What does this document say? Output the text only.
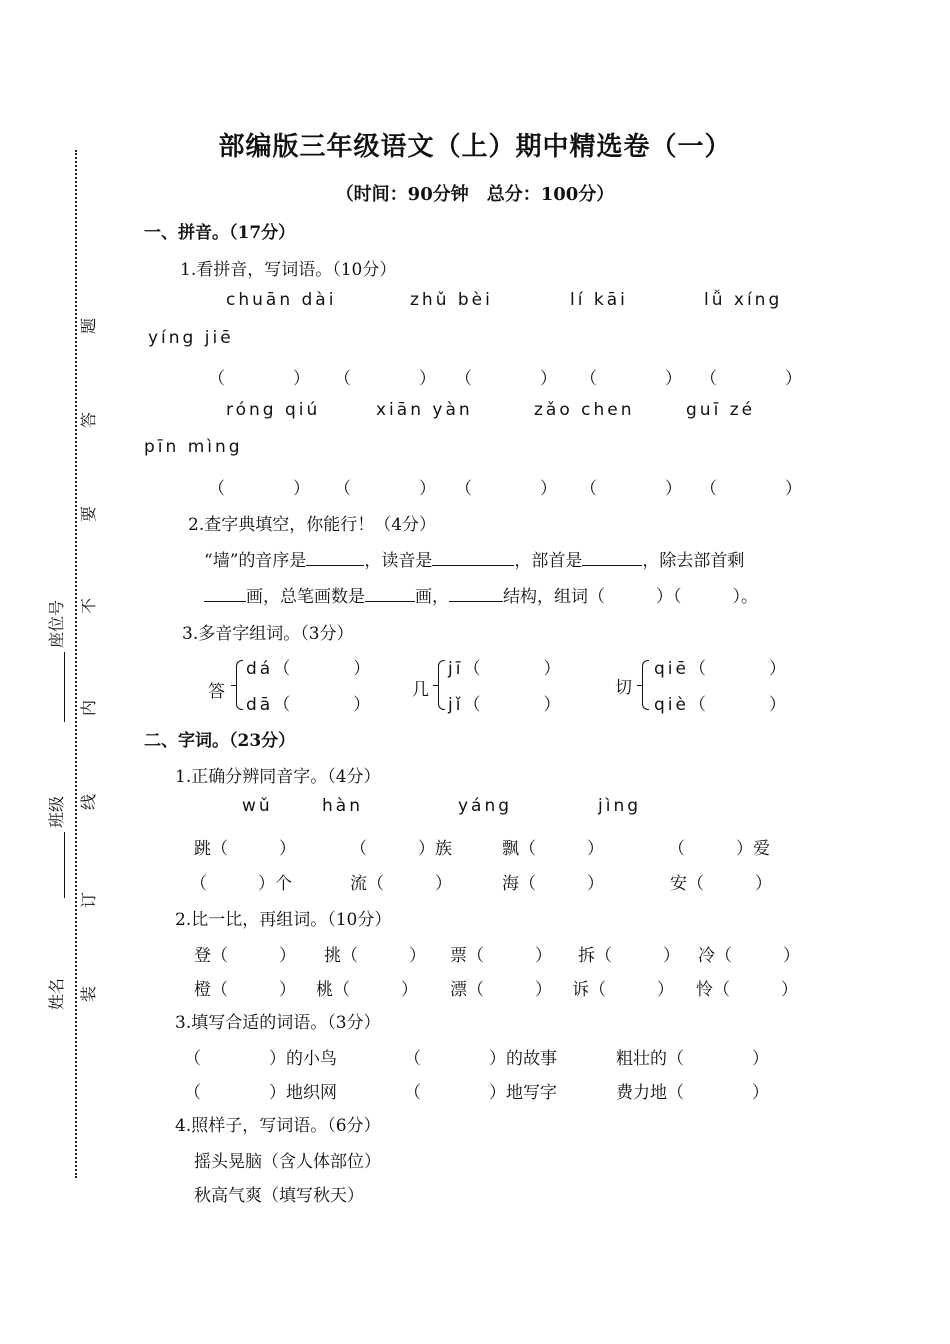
题
答
要
不
内
线
订
装
座位号
班级
姓名
部编版三年级语文（上）期中精选卷（一）
（时间：90分钟　总分：100分）
一、拼音。（17分）
1.看拼音，写词语。（10分）
chuān dài	zhǔ bèi	lí kāi	lǚ xíng
yíng jiē
（　　　　） （　　　　） （　　　　） （　　　　） （　　　　）
róng qiú	xiān yàn	zǎo chen	guī zé
pīn mìng
（　　　　） （　　　　） （　　　　） （　　　　） （　　　　）
2.查字典填空，你能行！（4分）
“墙”的音序是	，读音是	，部首是	，除去部首剩
画，总笔画数是	画，	结构，组词（　　　）（　　　）。
3.多音字组词。（3分）
答
dá（　　　）
dā（　　　）
几
jī（　　　）
jǐ（　　　）
切
qiē（　　　）
qiè（　　　）
二、字词。（23分）
1.正确分辨同音字。（4分）
wǔ	hàn	yáng	jìng
跳（　　　）	（　　　）族	飘（　　　）	（　　　）爱
（　　　）个	流（　　　）	海（　　　）	安（　　　）
2.比一比，再组词。（10分）
登（　　　） 挑（　　　） 票（　　　） 拆（　　　） 冷（　　　）
橙（　　　） 桃（　　　） 漂（　　　） 诉（　　　） 怜（　　　）
3.填写合适的词语。（3分）
（　　　　）的小鸟	（　　　　）的故事	粗壮的（　　　　）
（　　　　）地织网	（　　　　）地写字	费力地（　　　　）
4.照样子，写词语。（6分）
摇头晃脑（含人体部位）
秋高气爽（填写秋天）
